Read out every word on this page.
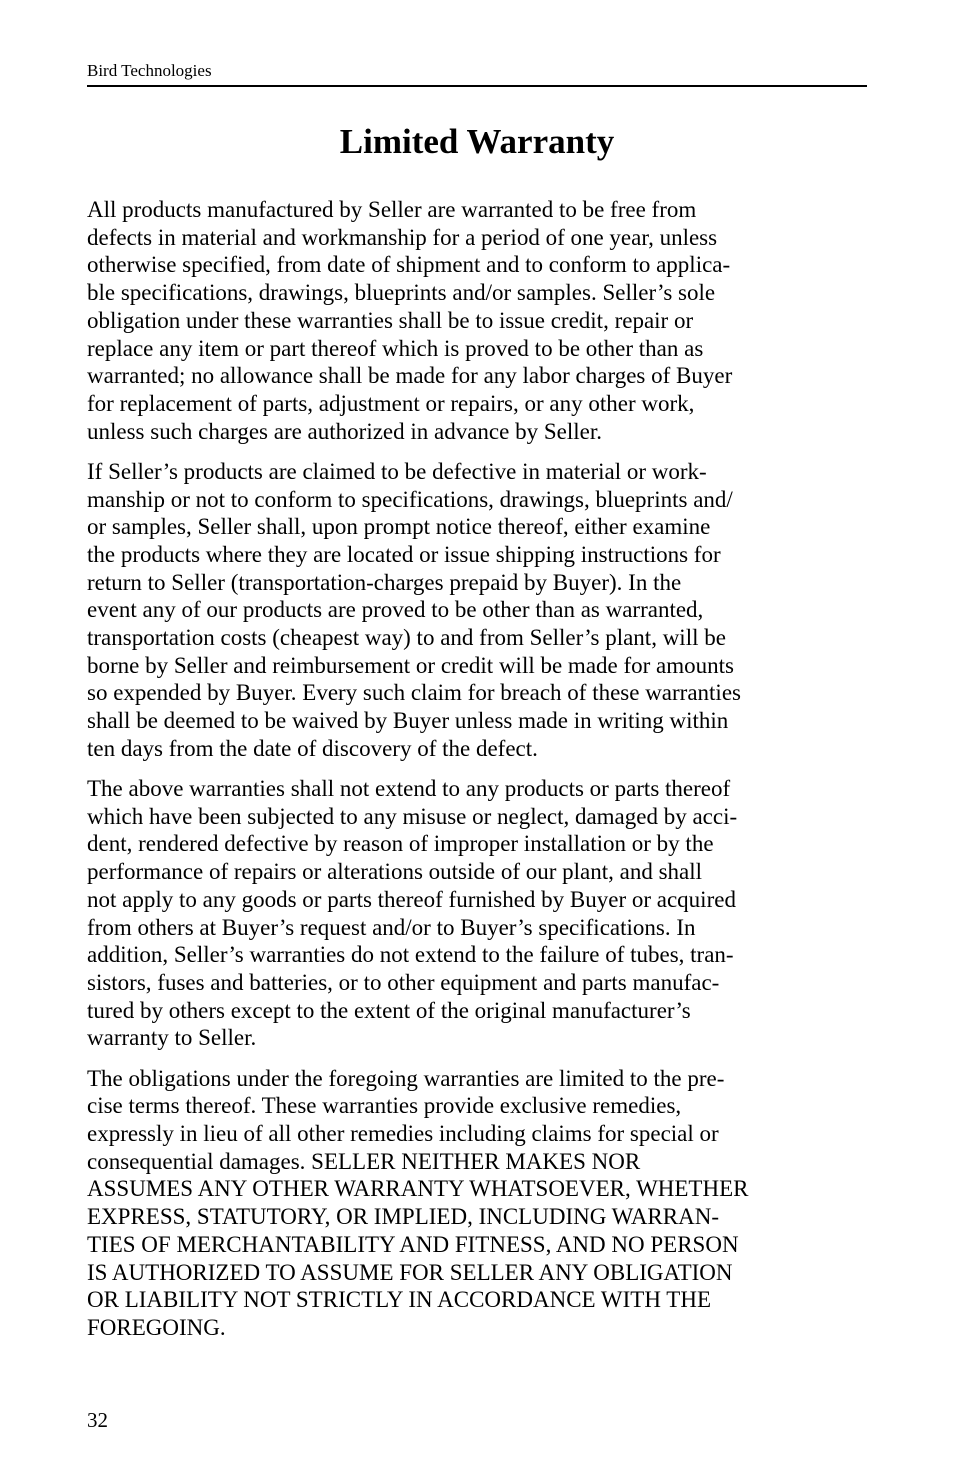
Bird Technologies
Limited Warranty

All products manufactured by Seller are warranted to be free from
defects in material and workmanship for a period of one year, unless
otherwise specified, from date of shipment and to conform to applica-
ble specifications, drawings, blueprints and/or samples. Seller’s sole
obligation under these warranties shall be to issue credit, repair or
replace any item or part thereof which is proved to be other than as
warranted; no allowance shall be made for any labor charges of Buyer
for replacement of parts, adjustment or repairs, or any other work,
unless such charges are authorized in advance by Seller.

If Seller’s products are claimed to be defective in material or work-
manship or not to conform to specifications, drawings, blueprints and/
or samples, Seller shall, upon prompt notice thereof, either examine
the products where they are located or issue shipping instructions for
return to Seller (transportation-charges prepaid by Buyer). In the
event any of our products are proved to be other than as warranted,
transportation costs (cheapest way) to and from Seller’s plant, will be
borne by Seller and reimbursement or credit will be made for amounts
so expended by Buyer. Every such claim for breach of these warranties
shall be deemed to be waived by Buyer unless made in writing within
ten days from the date of discovery of the defect.

The above warranties shall not extend to any products or parts thereof
which have been subjected to any misuse or neglect, damaged by acci-
dent, rendered defective by reason of improper installation or by the
performance of repairs or alterations outside of our plant, and shall
not apply to any goods or parts thereof furnished by Buyer or acquired
from others at Buyer’s request and/or to Buyer’s specifications. In
addition, Seller’s warranties do not extend to the failure of tubes, tran-
sistors, fuses and batteries, or to other equipment and parts manufac-
tured by others except to the extent of the original manufacturer’s
warranty to Seller.

The obligations under the foregoing warranties are limited to the pre-
cise terms thereof. These warranties provide exclusive remedies,
expressly in lieu of all other remedies including claims for special or
consequential damages. SELLER NEITHER MAKES NOR
ASSUMES ANY OTHER WARRANTY WHATSOEVER, WHETHER
EXPRESS, STATUTORY, OR IMPLIED, INCLUDING WARRAN-
TIES OF MERCHANTABILITY AND FITNESS, AND NO PERSON
IS AUTHORIZED TO ASSUME FOR SELLER ANY OBLIGATION
OR LIABILITY NOT STRICTLY IN ACCORDANCE WITH THE
FOREGOING.

32
